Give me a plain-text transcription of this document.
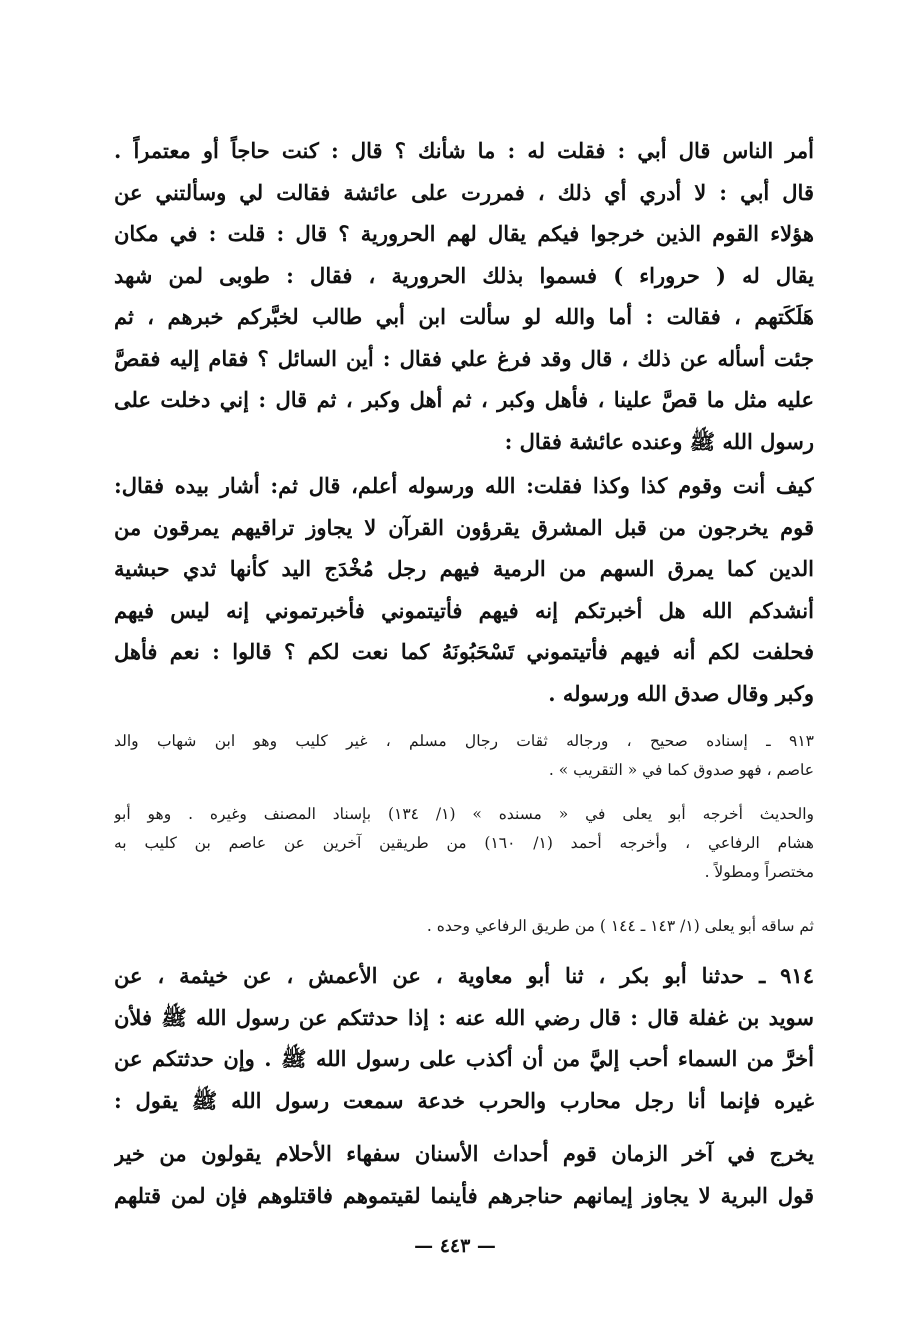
أمر الناس قال أبي : فقلت له : ما شأنك ؟ قال : كنت حاجاً أو معتمراً .
قال أبي : لا أدري أي ذلك ، فمررت على عائشة فقالت لي وسألتني عن
هؤلاء القوم الذين خرجوا فيكم يقال لهم الحرورية ؟ قال : قلت : في مكان
يقال له ( حروراء ) فسموا بذلك الحرورية ، فقال : طوبى لمن شهد
هَلَكَتهم ، فقالت : أما والله لو سألت ابن أبي طالب لخبَّركم خبرهم ، ثم
جئت أسأله عن ذلك ، قال وقد فرغ علي فقال : أين السائل ؟ فقام إليه فقصَّ
عليه مثل ما قصَّ علينا ، فأهل وكبر ، ثم أهل وكبر ، ثم قال : إني دخلت على
رسول الله ﷺ وعنده عائشة فقال :
كيف أنت وقوم كذا وكذا فقلت: الله ورسوله أعلم، قال ثم: أشار بيده فقال:
قوم يخرجون من قبل المشرق يقرؤون القرآن لا يجاوز تراقيهم يمرقون من
الدين كما يمرق السهم من الرمية فيهم رجل مُخْدَج اليد كأنها ثدي حبشية
أنشدكم الله هل أخبرتكم إنه فيهم فأتيتموني فأخبرتموني إنه ليس فيهم
فحلفت لكم أنه فيهم فأتيتموني تَسْحَبُونَهُ كما نعت لكم ؟ قالوا : نعم فأهل
وكبر وقال صدق الله ورسوله .
٩١٣ ـ إسناده صحيح ، ورجاله ثقات رجال مسلم ، غير كليب وهو ابن شهاب والد
عاصم ، فهو صدوق كما في « التقريب » .
والحديث أخرجه أبو يعلى في « مسنده » (١/ ١٣٤) بإسناد المصنف وغيره . وهو أبو
هشام الرفاعي ، وأخرجه أحمد (١/ ١٦٠) من طريقين آخرين عن عاصم بن كليب به
مختصراً ومطولاً .
ثم ساقه أبو يعلى (١/ ١٤٣ ـ ١٤٤ ) من طريق الرفاعي وحده .
٩١٤ ـ حدثنا أبو بكر ، ثنا أبو معاوية ، عن الأعمش ، عن خيثمة ، عن
سويد بن غفلة قال : قال رضي الله عنه : إذا حدثتكم عن رسول الله ﷺ فلأن
أخرَّ من السماء أحب إليَّ من أن أكذب على رسول الله ﷺ . وإن حدثتكم عن
غيره فإنما أنا رجل محارب والحرب خدعة سمعت رسول الله ﷺ يقول :
يخرج في آخر الزمان قوم أحداث الأسنان سفهاء الأحلام يقولون من خير
قول البرية لا يجاوز إيمانهم حناجرهم فأينما لقيتموهم فاقتلوهم فإن لمن قتلهم
— ٤٤٣ —
